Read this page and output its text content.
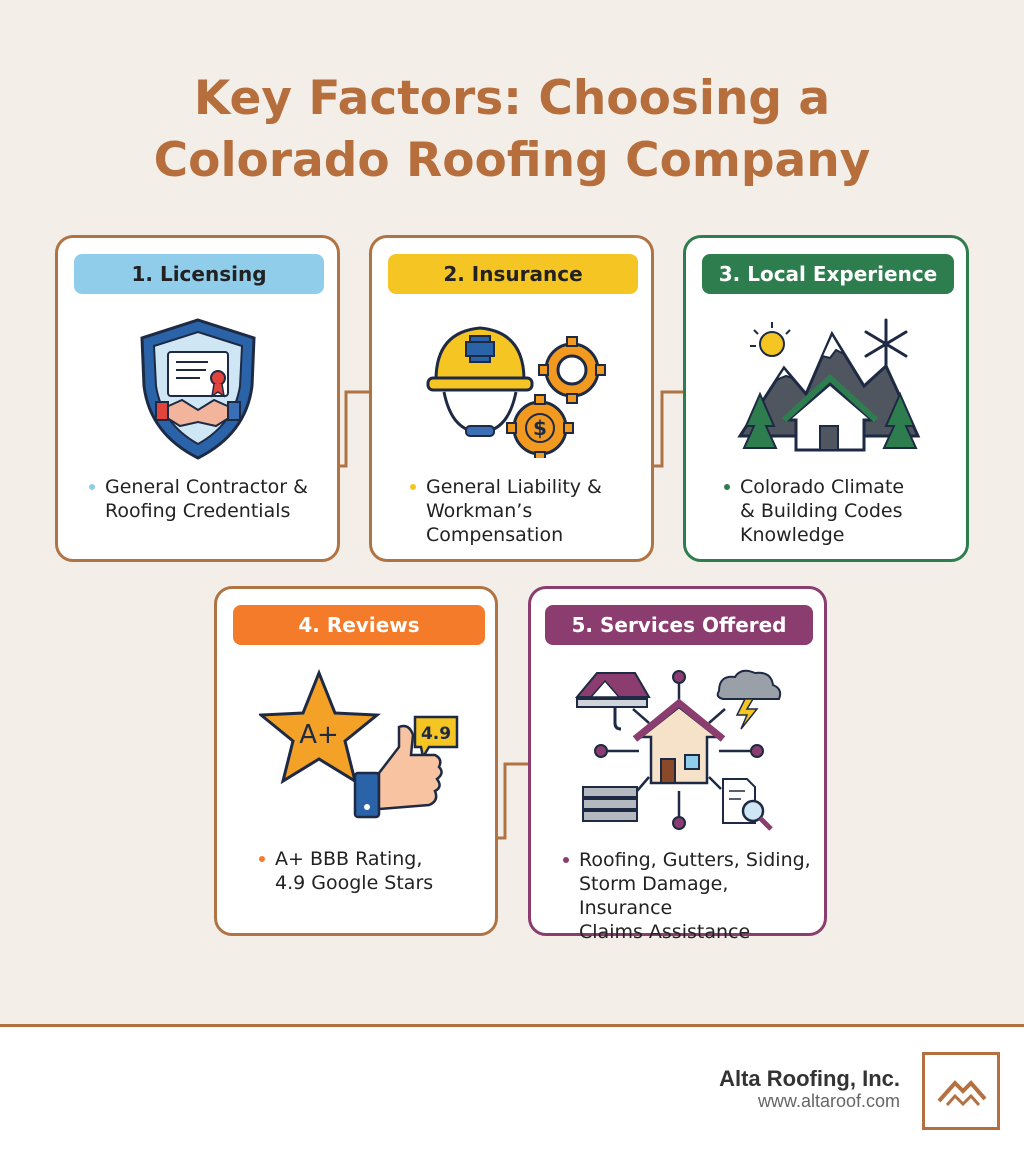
Key Factors: Choosing a
Colorado Roofing Company
1. Licensing
General Contractor &
Roofing Credentials
2. Insurance
$
General Liability &
Workman’s
Compensation
3. Local Experience
Colorado Climate
& Building Codes
Knowledge
4. Reviews
A+	4.9
A+ BBB Rating,
4.9 Google Stars
5. Services Offered
Roofing, Gutters, Siding,
Storm Damage, Insurance
Claims Assistance
Alta Roofing, Inc.
www.altaroof.com
